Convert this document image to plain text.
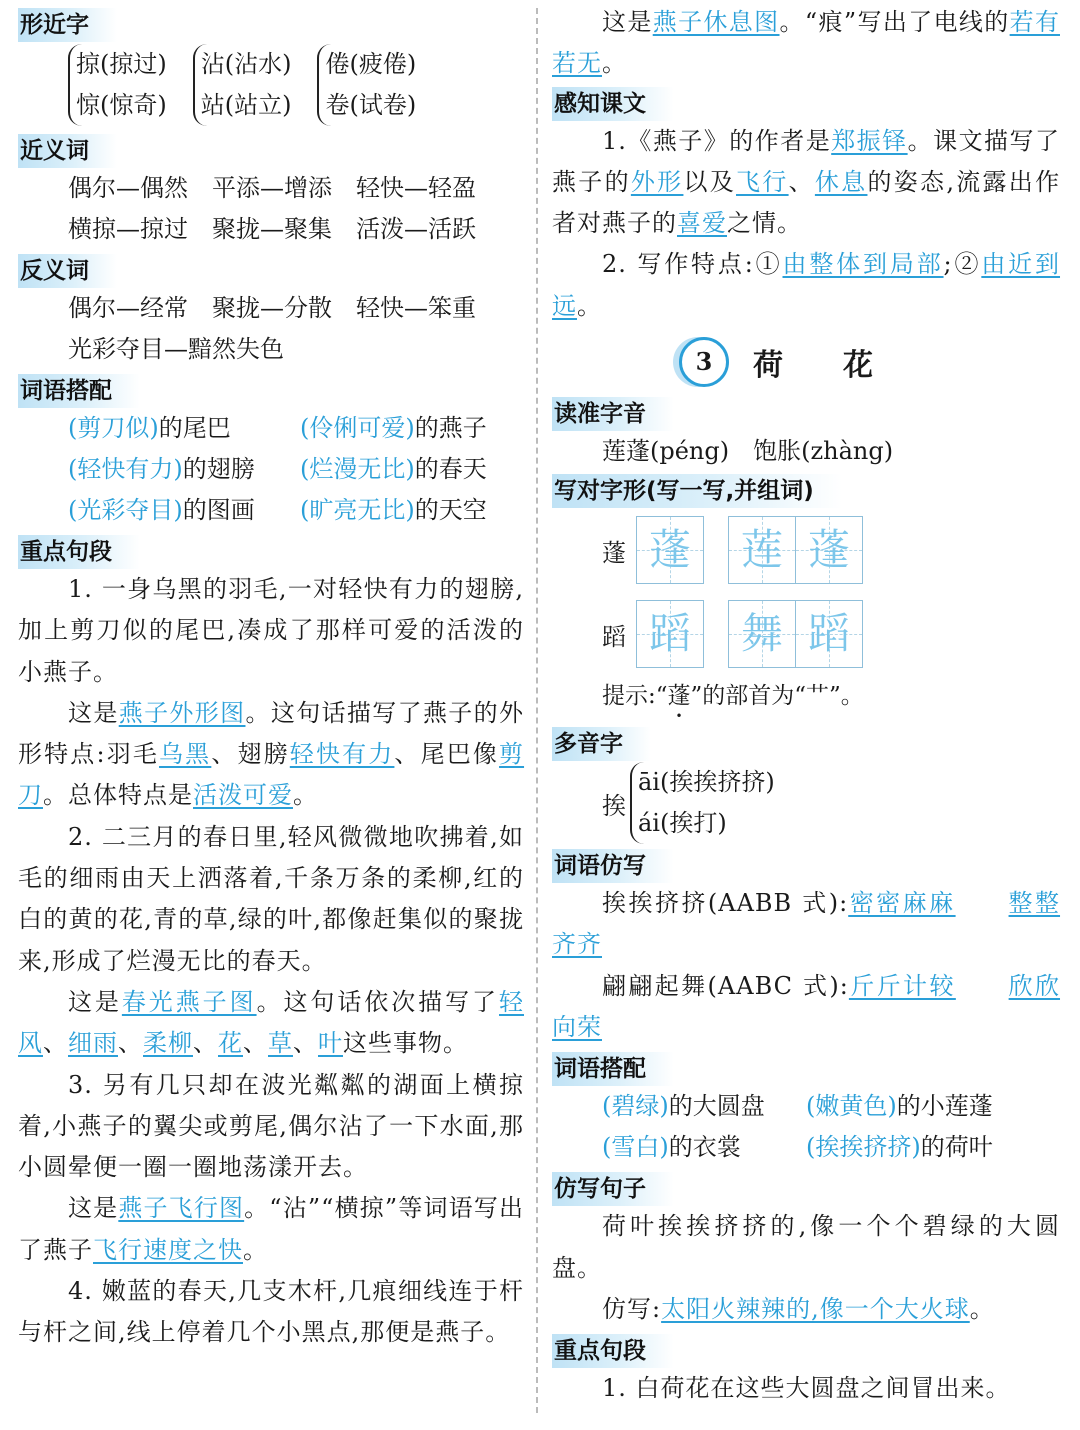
形近字
掠(掠过)
惊(惊奇)
沾(沾水)
站(站立)
倦(疲倦)
卷(试卷)
近义词
偶尔—偶然　 平添—增添　 轻快—轻盈
横掠—掠过　 聚拢—聚集　 活泼—活跃
反义词
偶尔—经常　 聚拢—分散　 轻快—笨重
光彩夺目—黯然失色
词语搭配
(剪刀似)的尾巴	(伶俐可爱)的燕子
(轻快有力)的翅膀 (烂漫无比)的春天
(光彩夺目)的图画 (旷亮无比)的天空
重点句段
1. 一身乌黑的羽毛,一对轻快有力的翅膀,加上剪刀似的尾巴,凑成了那样可爱的活泼的小燕子。
这是燕子外形图。这句话描写了燕子的外形特点:羽毛乌黑、翅膀轻快有力、尾巴像剪刀。总体特点是活泼可爱。
2. 二三月的春日里,轻风微微地吹拂着,如毛的细雨由天上洒落着,千条万条的柔柳,红的白的黄的花,青的草,绿的叶,都像赶集似的聚拢来,形成了烂漫无比的春天。
这是春光燕子图。这句话依次描写了轻风、细雨、柔柳、花、草、叶这些事物。
3. 另有几只却在波光粼粼的湖面上横掠着,小燕子的翼尖或剪尾,偶尔沾了一下水面,那小圆晕便一圈一圈地荡漾开去。
这是燕子飞行图。“沾”“横掠”等词语写出了燕子飞行速度之快。
4. 嫩蓝的春天,几支木杆,几痕细线连于杆与杆之间,线上停着几个小黑点,那便是燕子。
这是燕子休息图。“痕”写出了电线的若有若无。
感知课文
1.《燕子》的作者是郑振铎。课文描写了燕子的外形以及飞行、休息的姿态,流露出作者对燕子的喜爱之情。
2. 写作特点:①由整体到局部;②由近到远。
3 荷花
读准字音
莲蓬(péng)　饱胀(zhàng)
写对字形(写一写,并组词)
蓬 蓬 莲 蓬
蹈 蹈 舞 蹈
提示:“蓬”的部首为“艹”。
多音字
挨
āi(挨挨挤挤)
ái(挨打)
词语仿写
挨挨挤挤(AABB 式):密密麻麻　　 整整齐齐
翩翩起舞(AABC 式):斤斤计较　　 欣欣向荣
词语搭配
(碧绿)的大圆盘 (嫩黄色)的小莲蓬
(雪白)的衣裳	(挨挨挤挤)的荷叶
仿写句子
荷叶挨挨挤挤的,像一个个碧绿的大圆盘。
仿写:太阳火辣辣的,像一个大火球。
重点句段
1. 白荷花在这些大圆盘之间冒出来。
